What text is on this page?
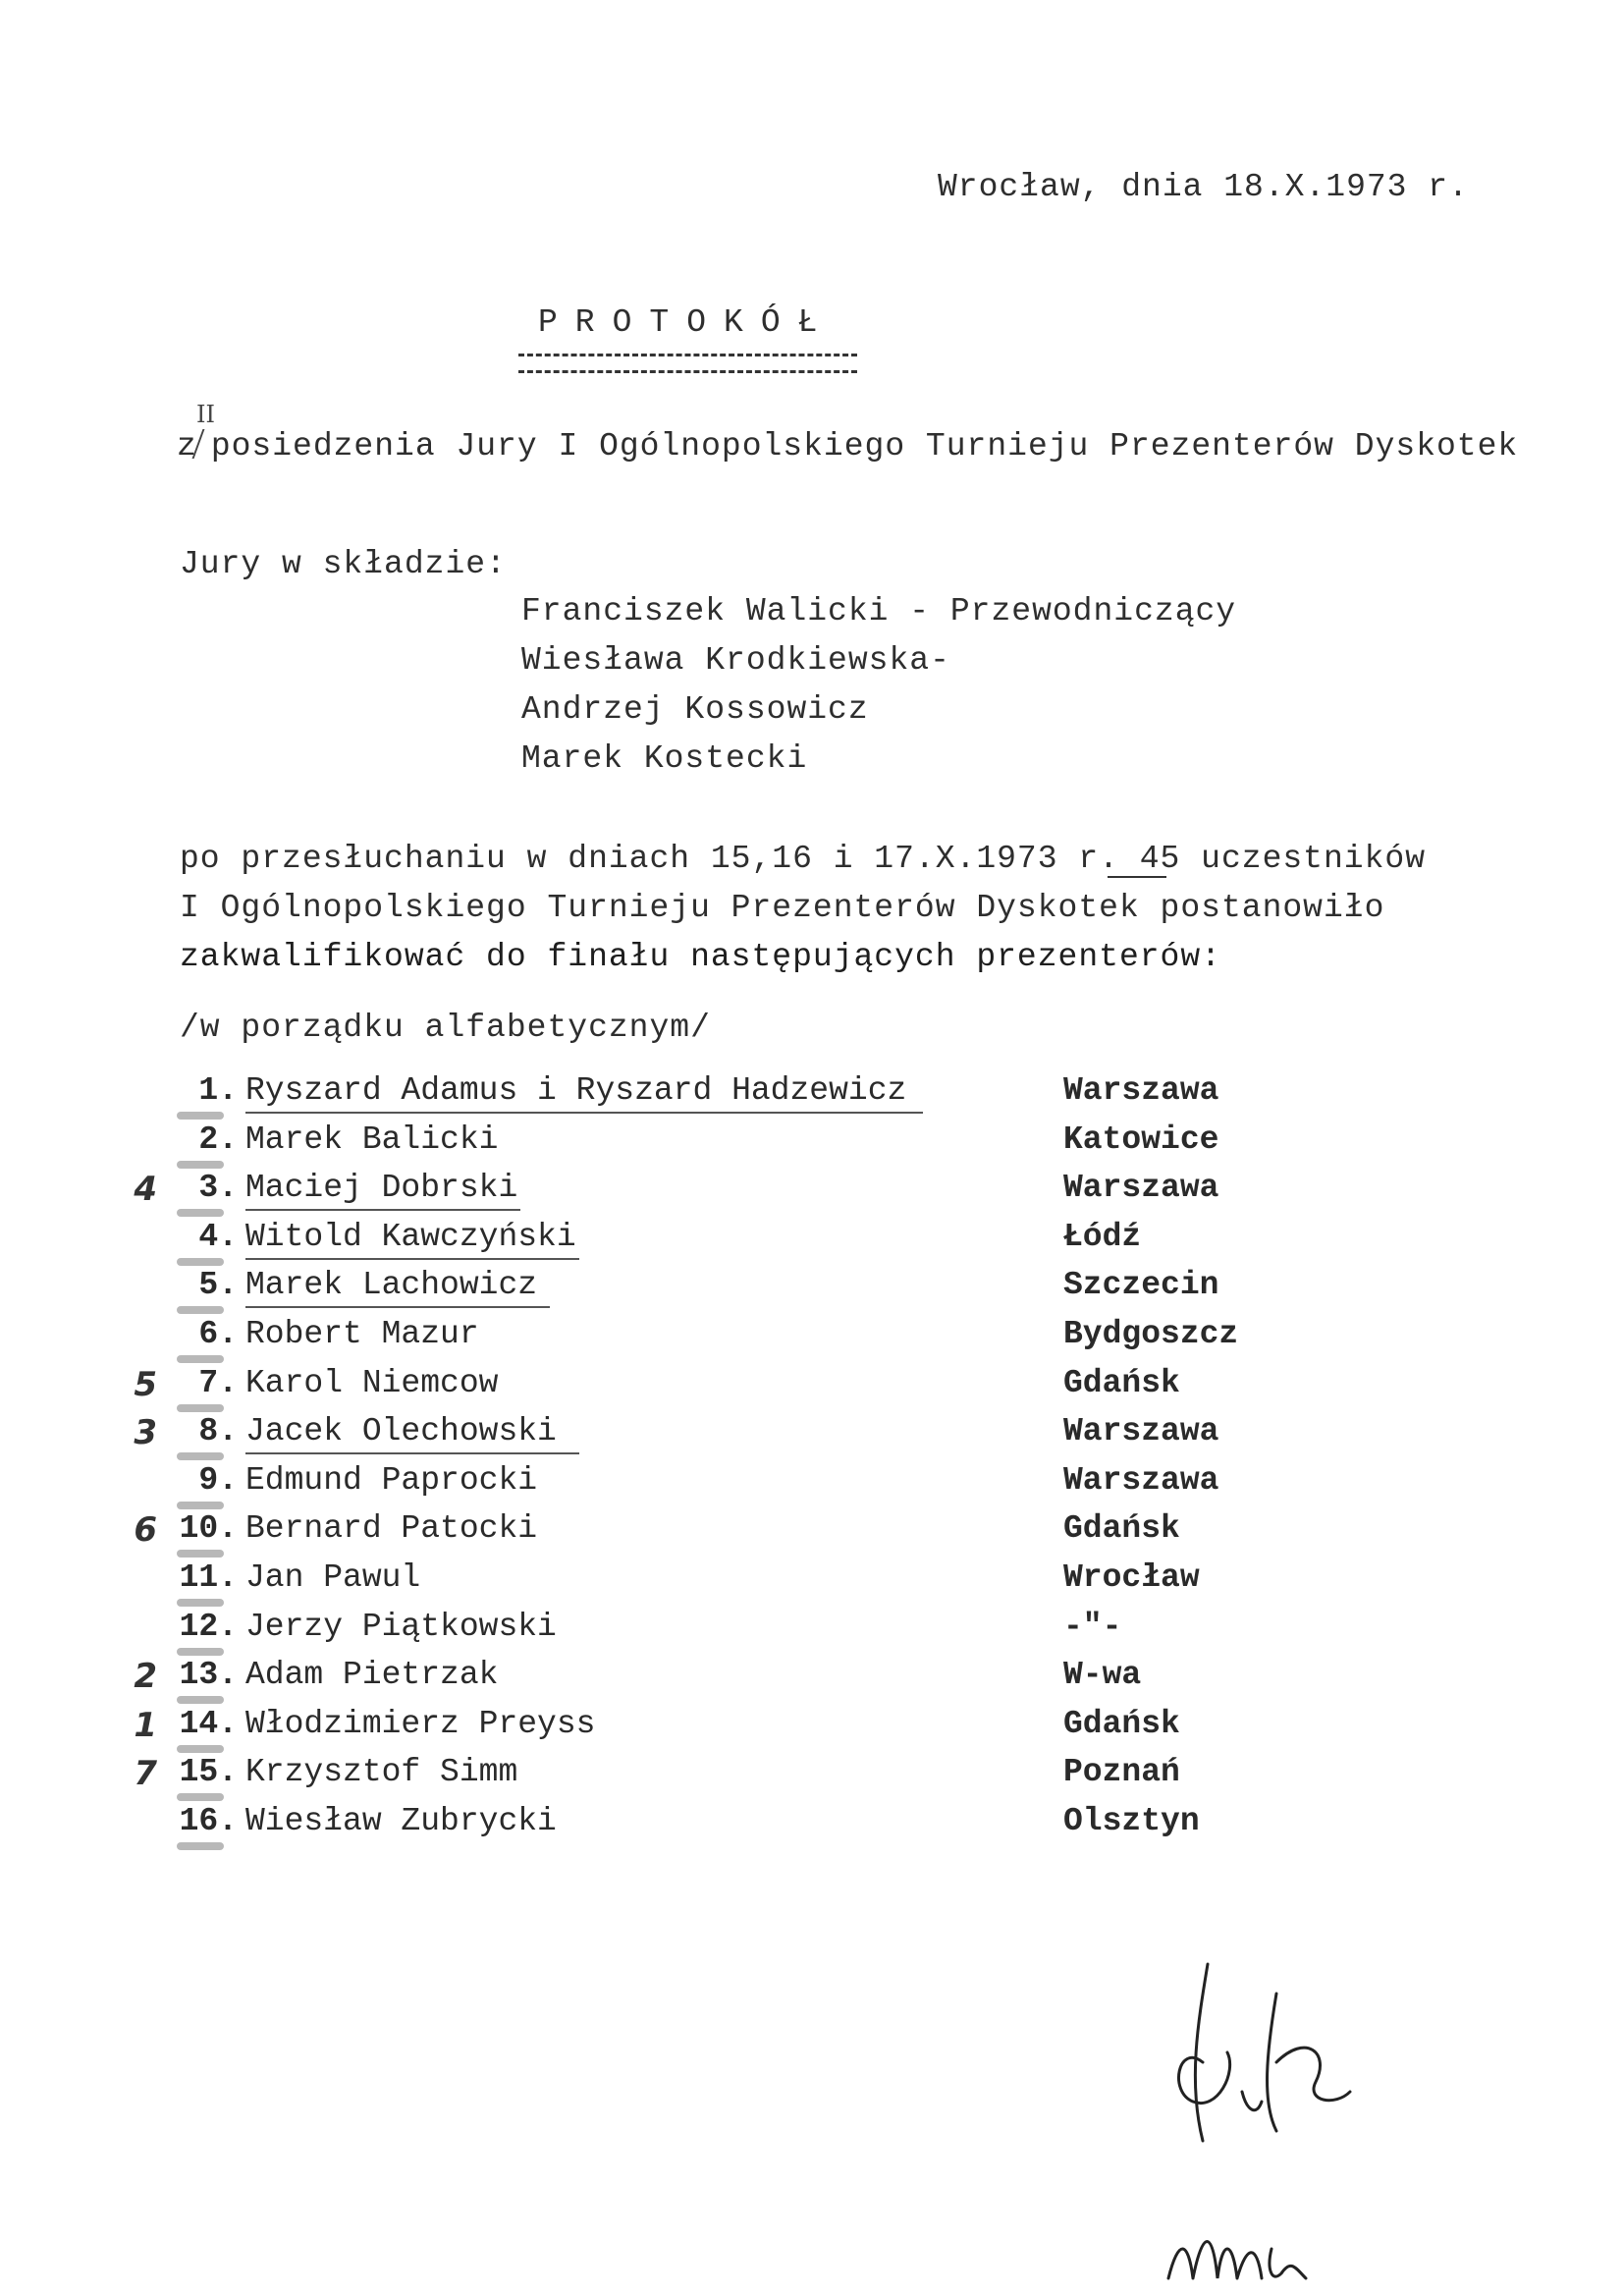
Wrocław, dnia 18.X.1973 r.
PROTOKÓŁ
II
z posiedzenia Jury I Ogólnopolskiego Turnieju Prezenterów Dyskotek
Jury w składzie:
Franciszek Walicki - Przewodniczący
Wiesława Krodkiewska-
Andrzej Kossowicz
Marek Kostecki
po przesłuchaniu w dniach 15,16 i 17.X.1973 r. 45 uczestników
I Ogólnopolskiego Turnieju Prezenterów Dyskotek postanowiło
zakwalifikować do finału następujących prezenterów:
/w porządku alfabetycznym/
1. Ryszard Adamus i Ryszard Hadzewicz	Warszawa
2. Marek Balicki	Katowice
4	3. Maciej Dobrski	Warszawa
4. Witold Kawczyński	Łódź
5. Marek Lachowicz	Szczecin
6. Robert Mazur	Bydgoszcz
5	7. Karol Niemcow	Gdańsk
3	8. Jacek Olechowski	Warszawa
9. Edmund Paprocki	Warszawa
6 10. Bernard Patocki	Gdańsk
11. Jan Pawul	Wrocław
12. Jerzy Piątkowski	-"-
2 13. Adam Pietrzak	W-wa
1 14. Włodzimierz Preyss	Gdańsk
7 15. Krzysztof Simm	Poznań
16. Wiesław Zubrycki	Olsztyn
